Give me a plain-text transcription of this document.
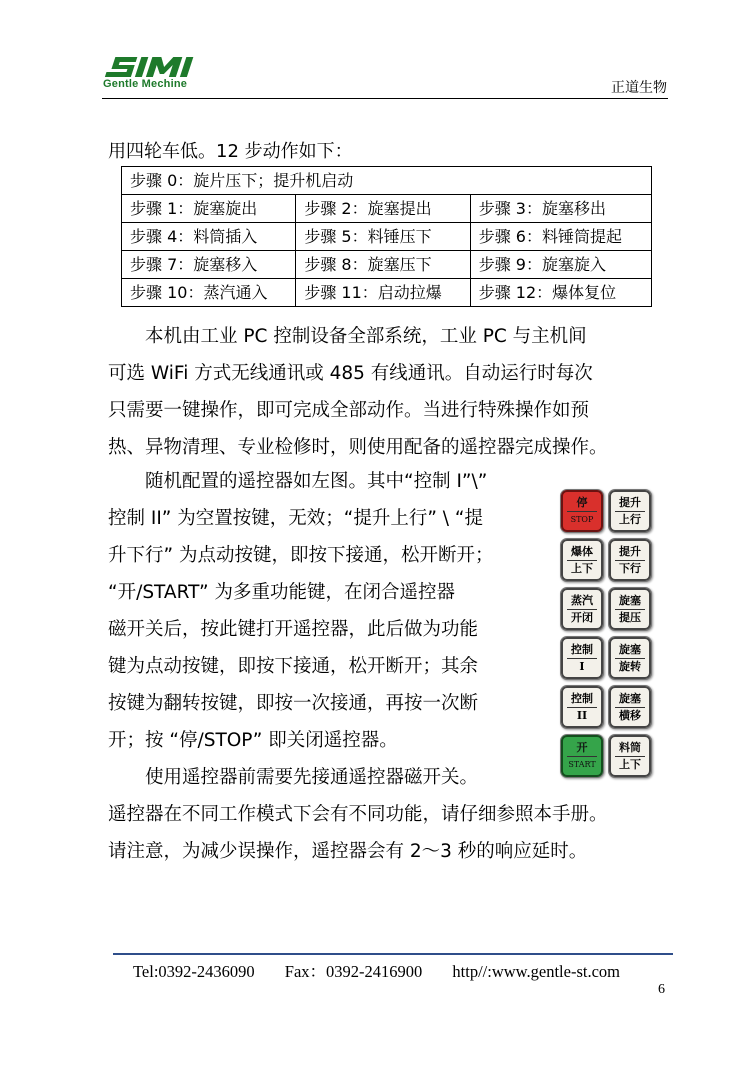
Gentle Mechine	正道生物
用四轮车低。12 步动作如下：
步骤 0：旋片压下；提升机启动		
步骤 1：旋塞旋出	步骤 2：旋塞提出	步骤 3：旋塞移出
步骤 4：料筒插入	步骤 5：料锤压下	步骤 6：料锤筒提起
步骤 7：旋塞移入	步骤 8：旋塞压下	步骤 9：旋塞旋入
步骤 10：蒸汽通入	步骤 11：启动拉爆	步骤 12：爆体复位
　　本机由工业 PC 控制设备全部系统，工业 PC 与主机间
可选 WiFi 方式无线通讯或 485 有线通讯。自动运行时每次
只需要一键操作，即可完成全部动作。当进行特殊操作如预
热、异物清理、专业检修时，则使用配备的遥控器完成操作。
　　随机配置的遥控器如左图。其中“控制 I”\”
控制 II” 为空置按键，无效；“提升上行” \ “提
升下行” 为点动按键，即按下接通，松开断开；
“开/START” 为多重功能键，在闭合遥控器
磁开关后，按此键打开遥控器，此后做为功能
键为点动按键，即按下接通，松开断开；其余
按键为翻转按键，即按一次接通，再按一次断
开；按 “停/STOP” 即关闭遥控器。
　　使用遥控器前需要先接通遥控器磁开关。
遥控器在不同工作模式下会有不同功能，请仔细参照本手册。
请注意，为减少误操作，遥控器会有 2～3 秒的响应延时。
停
STOP
提升
上行
爆体
上下
提升
下行
蒸汽
开闭
旋塞
提压
控制
I
旋塞
旋转
控制
II
旋塞
横移
开
START
料筒
上下
Tel:0392-2436090 Fax：0392-2416900 http//:www.gentle-st.com
6
